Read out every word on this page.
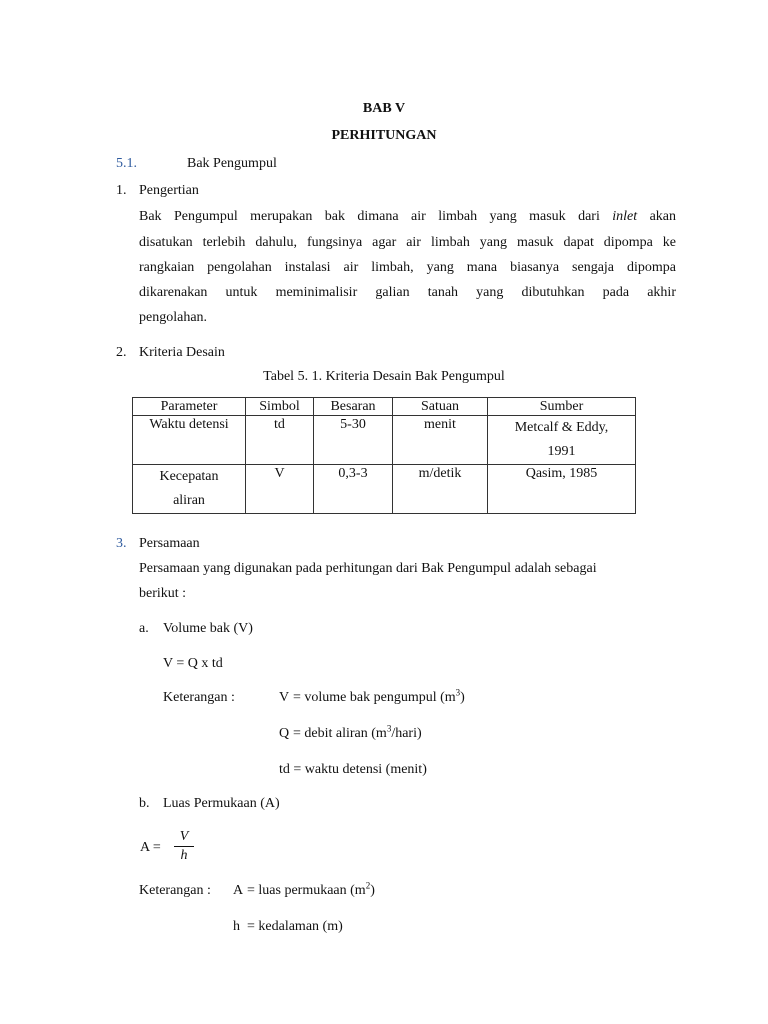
BAB V
PERHITUNGAN
5.1.	Bak Pengumpul
1. Pengertian
Bak Pengumpul merupakan bak dimana air limbah yang masuk dari inlet akan
disatukan terlebih dahulu, fungsinya agar air limbah yang masuk dapat dipompa ke
rangkaian pengolahan instalasi air limbah, yang mana biasanya sengaja dipompa
dikarenakan untuk meminimalisir galian tanah yang dibutuhkan pada akhir
pengolahan.
2. Kriteria Desain
Tabel 5. 1. Kriteria Desain Bak Pengumpul
Parameter	Simbol	Besaran	Satuan	Sumber
Waktu detensi	td	5-30	menit	Metcalf & Eddy, 1991
Kecepatan aliran	V	0,3-3	m/detik	Qasim, 1985
3. Persamaan
Persamaan yang digunakan pada perhitungan dari Bak Pengumpul adalah sebagai
berikut :
a. Volume bak (V)
V = Q x td
Keterangan :	V = volume bak pengumpul $(m^3)$
Q = debit aliran $(m^3/hari)$
td = waktu detensi (menit)
b. Luas Permukaan (A)
A =
V
h
Keterangan : A = luas permukaan $(m^2)$
h = kedalaman (m)
